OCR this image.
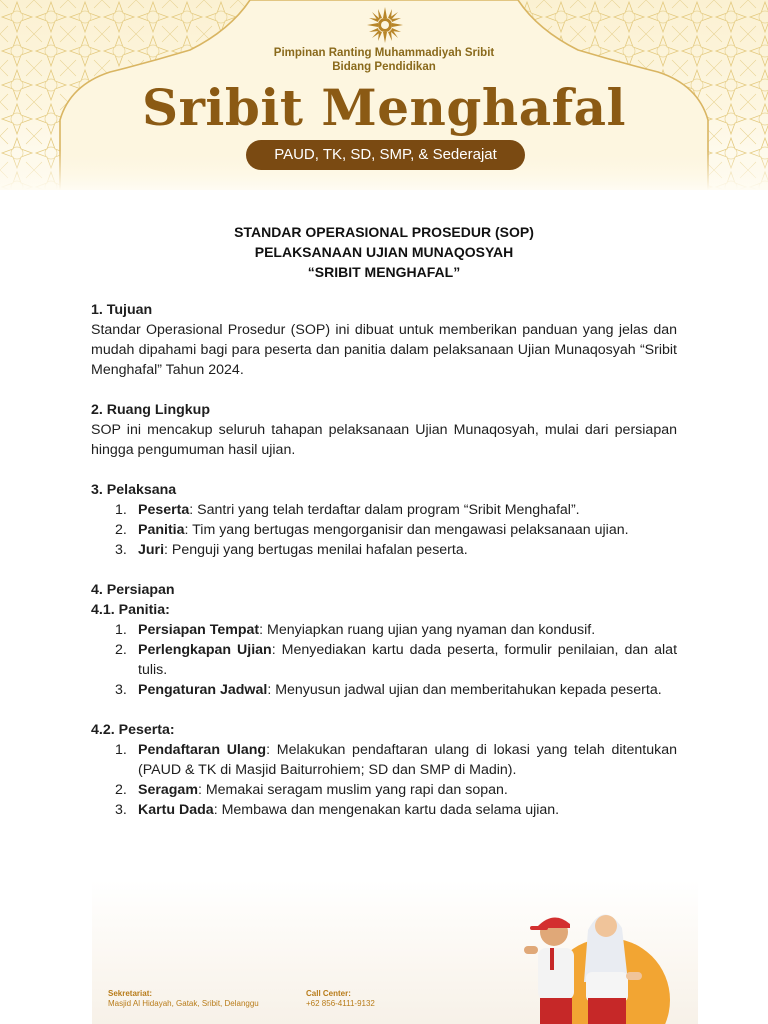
Pimpinan Ranting Muhammadiyah Sribit
Bidang Pendidikan
Sribit Menghafal
PAUD, TK, SD, SMP, & Sederajat
STANDAR OPERASIONAL PROSEDUR (SOP)
PELAKSANAAN UJIAN MUNAQOSYAH
“SRIBIT MENGHAFAL”
1. Tujuan
Standar Operasional Prosedur (SOP) ini dibuat untuk memberikan panduan yang jelas dan mudah dipahami bagi para peserta dan panitia dalam pelaksanaan Ujian Munaqosyah “Sribit Menghafal” Tahun 2024.
2. Ruang Lingkup
SOP ini mencakup seluruh tahapan pelaksanaan Ujian Munaqosyah, mulai dari persiapan hingga pengumuman hasil ujian.
3. Pelaksana
1. Peserta: Santri yang telah terdaftar dalam program “Sribit Menghafal”.
2. Panitia: Tim yang bertugas mengorganisir dan mengawasi pelaksanaan ujian.
3. Juri: Penguji yang bertugas menilai hafalan peserta.
4. Persiapan
4.1. Panitia:
1. Persiapan Tempat: Menyiapkan ruang ujian yang nyaman dan kondusif.
2. Perlengkapan Ujian: Menyediakan kartu dada peserta, formulir penilaian, dan alat tulis.
3. Pengaturan Jadwal: Menyusun jadwal ujian dan memberitahukan kepada peserta.
4.2. Peserta:
1. Pendaftaran Ulang: Melakukan pendaftaran ulang di lokasi yang telah ditentukan (PAUD & TK di Masjid Baiturrohiem; SD dan SMP di Madin).
2. Seragam: Memakai seragam muslim yang rapi dan sopan.
3. Kartu Dada: Membawa dan mengenakan kartu dada selama ujian.
Sekretariat:
Masjid Al Hidayah, Gatak, Sribit, Delanggu
Call Center:
+62 856-4111-9132
